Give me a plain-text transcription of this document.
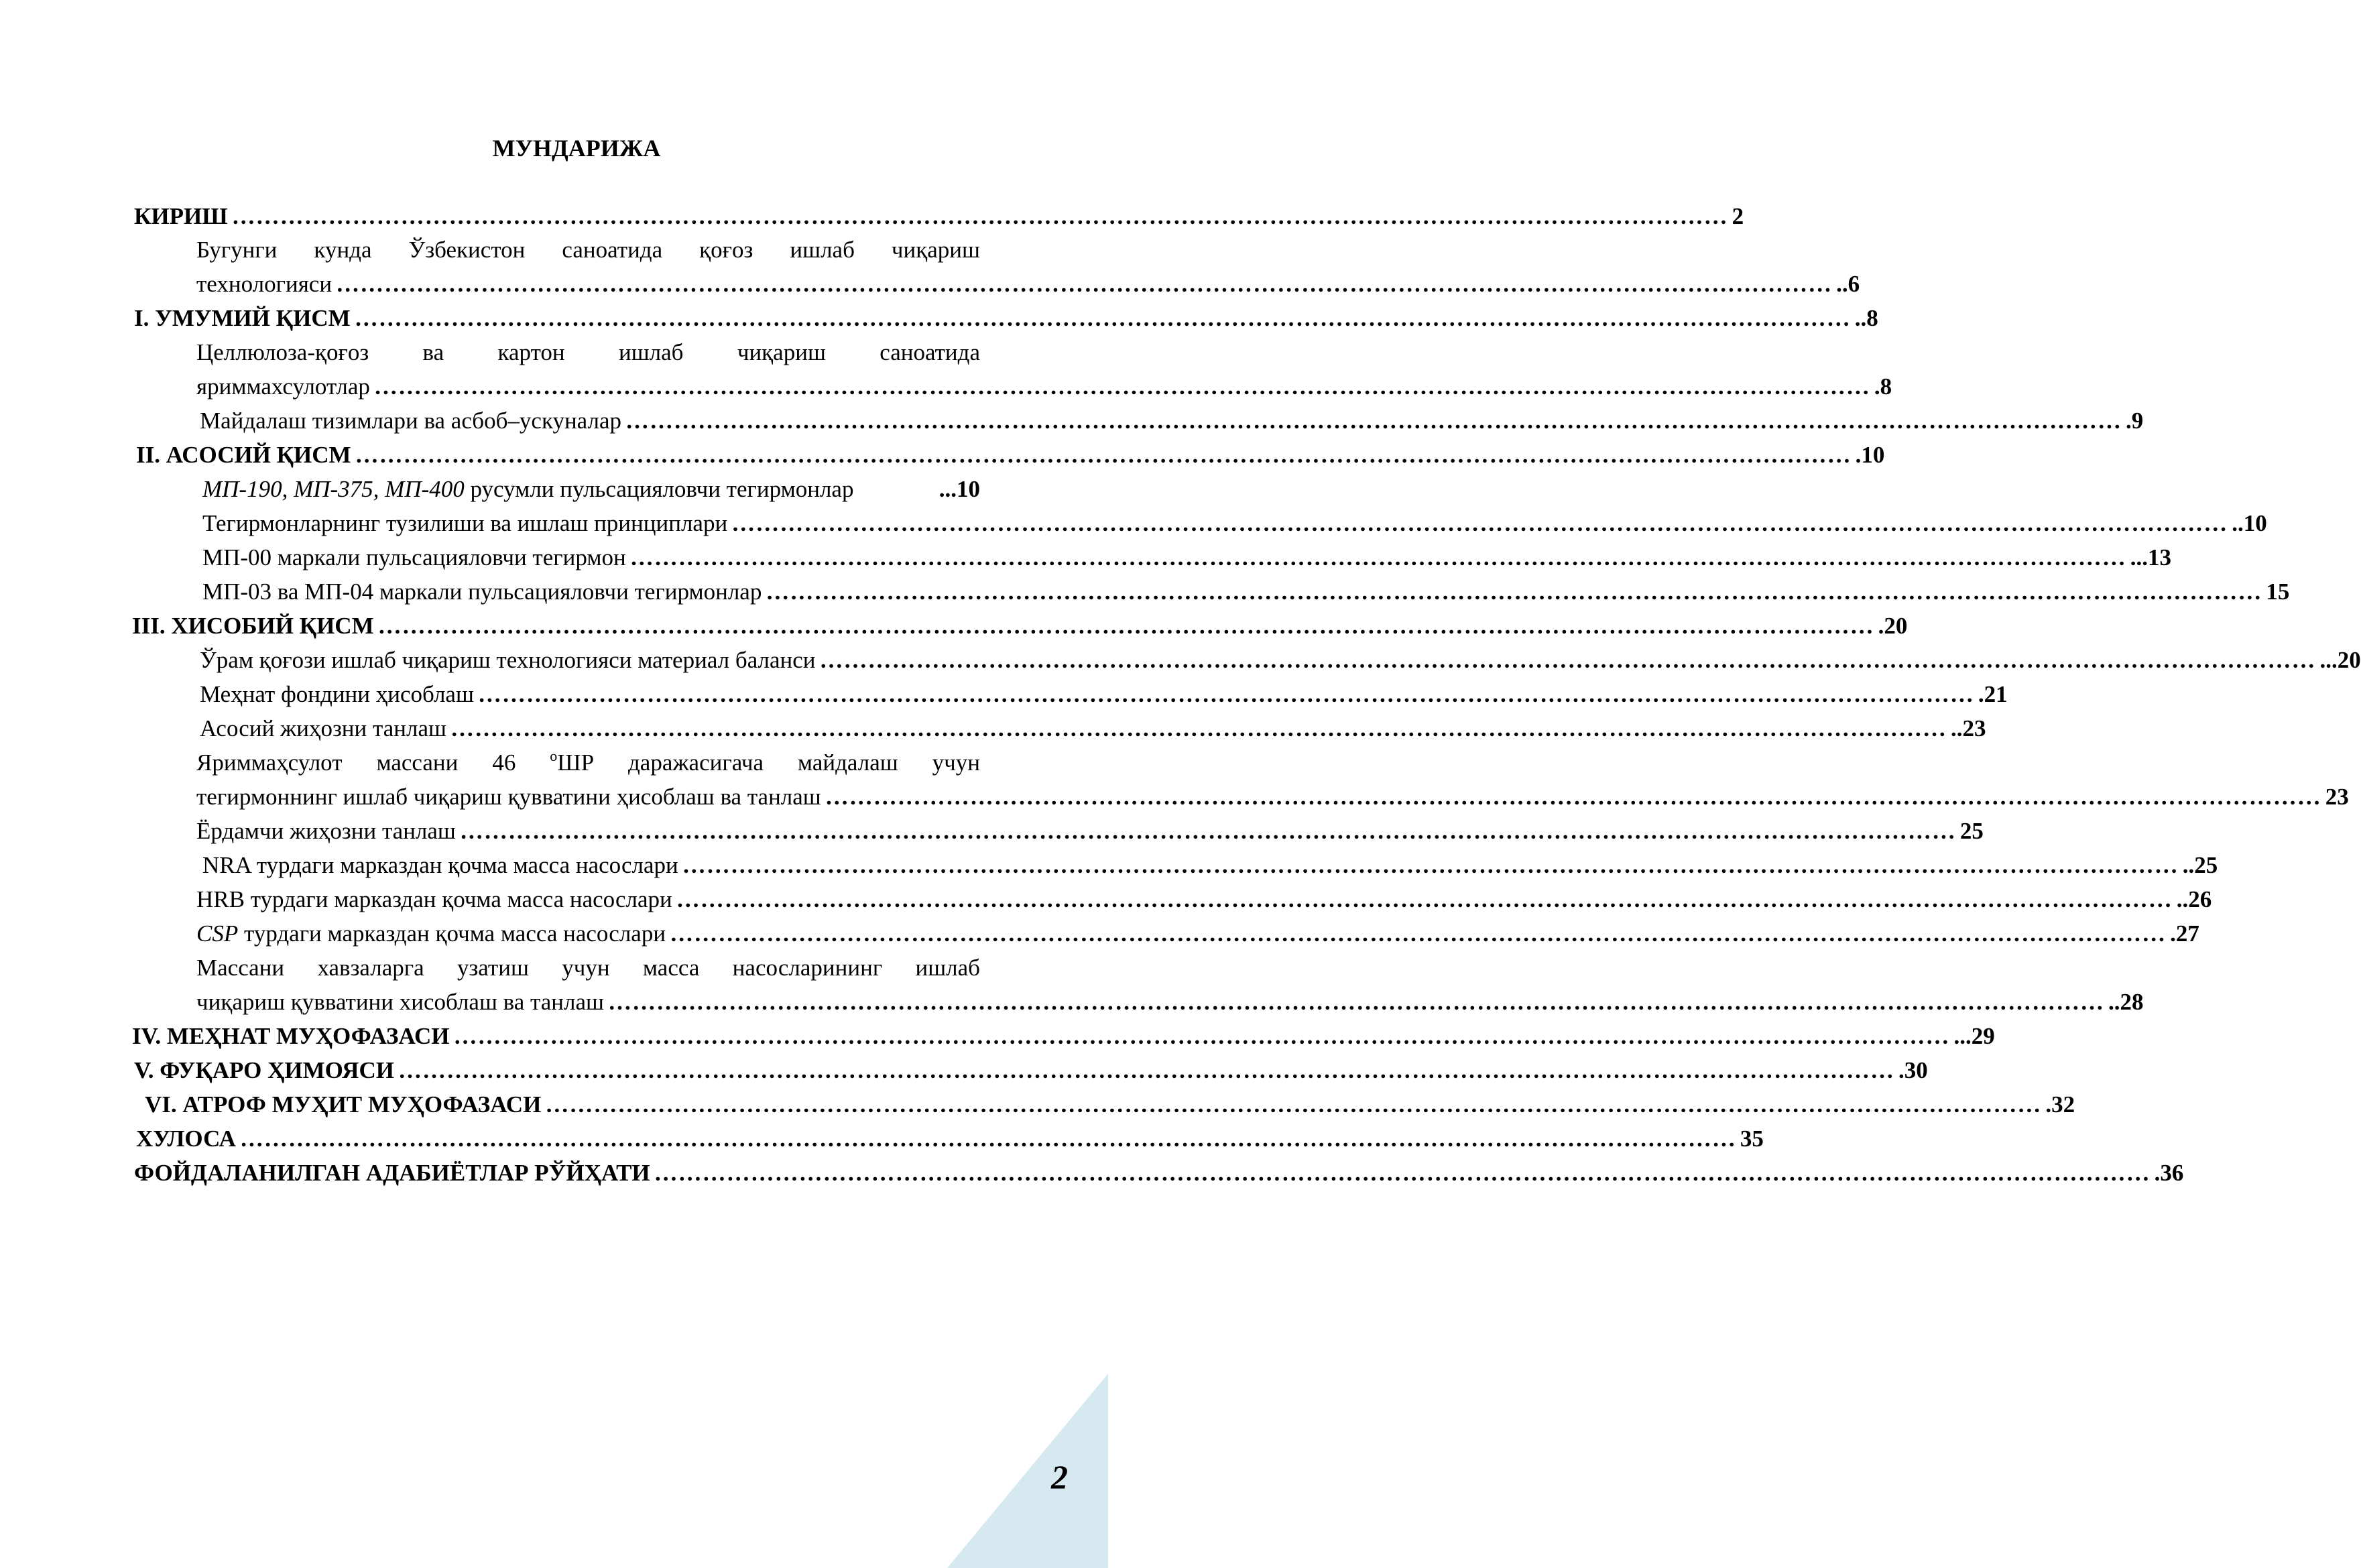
МУНДАРИЖА
КИРИШ …………………………………………………………………………………………………………………………………………………………………… 2
Бугунги кунда Ўзбекистон саноатида қоғоз ишлаб чиқариш
технологияси …………………………………………………………………………………………………………………………………………………………………… ..6
I. УМУМИЙ ҚИСМ …………………………………………………………………………………………………………………………………………………………………… ..8
Целлюлоза-қоғоз ва картон ишлаб чиқариш саноатида
яриммахсулотлар …………………………………………………………………………………………………………………………………………………………………… .8
Майдалаш тизимлари ва асбоб–ускуналар …………………………………………………………………………………………………………………………………………………………………… .9
II. АСОСИЙ ҚИСМ …………………………………………………………………………………………………………………………………………………………………… .10
МП-190, МП-375, МП-400 русумли пульсацияловчи тегирмонлар	...10
Тегирмонларнинг тузилиши ва ишлаш принциплари …………………………………………………………………………………………………………………………………………………………………… ..10
МП-00 маркали пульсацияловчи тегирмон …………………………………………………………………………………………………………………………………………………………………… ...13
МП-03 ва МП-04 маркали пульсацияловчи тегирмонлар …………………………………………………………………………………………………………………………………………………………………… 15
III. ХИСОБИЙ ҚИСМ …………………………………………………………………………………………………………………………………………………………………… .20
Ўрам қоғози ишлаб чиқариш технологияси материал баланси …………………………………………………………………………………………………………………………………………………………………… ...20
Меҳнат фондини ҳисоблаш …………………………………………………………………………………………………………………………………………………………………… .21
Асосий жиҳозни танлаш …………………………………………………………………………………………………………………………………………………………………… ..23
Яриммаҳсулот массани 46 $^о$ШР даражасигача майдалаш учун
тегирмоннинг ишлаб чиқариш қувватини ҳисоблаш ва танлаш …………………………………………………………………………………………………………………………………………………………………… 23
Ёрдамчи жиҳозни танлаш …………………………………………………………………………………………………………………………………………………………………… 25
NRA турдаги марказдан қочма масса насослари …………………………………………………………………………………………………………………………………………………………………… ..25
HRB турдаги марказдан қочма масса насослари …………………………………………………………………………………………………………………………………………………………………… ..26
CSP турдаги марказдан қочма масса насослари …………………………………………………………………………………………………………………………………………………………………… .27
Массани хавзаларга узатиш учун масса насосларининг ишлаб
чиқариш қувватини хисоблаш ва танлаш …………………………………………………………………………………………………………………………………………………………………… ..28
IV. МЕҲНАТ МУҲОФАЗАСИ …………………………………………………………………………………………………………………………………………………………………… ...29
V. ФУҚАРО ҲИМОЯСИ …………………………………………………………………………………………………………………………………………………………………… .30
VI. АТРОФ МУҲИТ МУҲОФАЗАСИ …………………………………………………………………………………………………………………………………………………………………… .32
ХУЛОСА …………………………………………………………………………………………………………………………………………………………………… 35
ФОЙДАЛАНИЛГАН АДАБИЁТЛАР РЎЙҲАТИ …………………………………………………………………………………………………………………………………………………………………… .36
2
